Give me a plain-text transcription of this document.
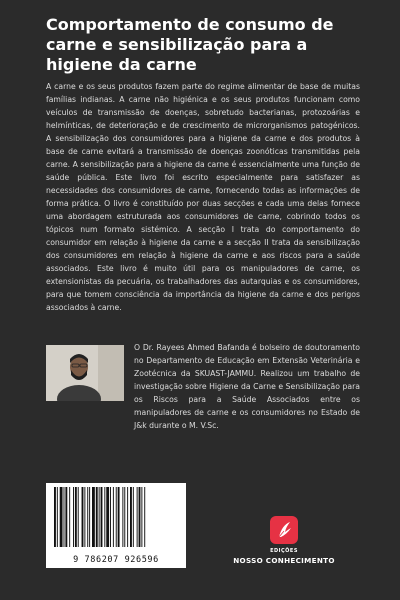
Comportamento de consumo de carne e sensibilização para a higiene da carne
A carne e os seus produtos fazem parte do regime alimentar de base de muitas famílias indianas. A carne não higiénica e os seus produtos funcionam como veículos de transmissão de doenças, sobretudo bacterianas, protozoárias e helmínticas, de deterioração e de crescimento de microrganismos patogénicos. A sensibilização dos consumidores para a higiene da carne e dos produtos à base de carne evitará a transmissão de doenças zoonóticas transmitidas pela carne. A sensibilização para a higiene da carne é essencialmente uma função de saúde pública. Este livro foi escrito especialmente para satisfazer as necessidades dos consumidores de carne, fornecendo todas as informações de forma prática. O livro é constituído por duas secções e cada uma delas fornece uma abordagem estruturada aos consumidores de carne, cobrindo todos os tópicos num formato sistémico. A secção I trata do comportamento do consumidor em relação à higiene da carne e a secção II trata da sensibilização dos consumidores em relação à higiene da carne e aos riscos para a saúde associados. Este livro é muito útil para os manipuladores de carne, os extensionistas da pecuária, os trabalhadores das autarquias e os consumidores, para que tomem consciência da importância da higiene da carne e dos perigos associados à carne.
O Dr. Rayees Ahmed Bafanda é bolseiro de doutoramento no Departamento de Educação em Extensão Veterinária e Zootécnica da SKUAST-JAMMU. Realizou um trabalho de investigação sobre Higiene da Carne e Sensibilização para os Riscos para a Saúde Associados entre os manipuladores de carne e os consumidores no Estado de J&k durante o M. V.Sc.
9 786207 926596
EDIÇÕES
NOSSO CONHECIMENTO
